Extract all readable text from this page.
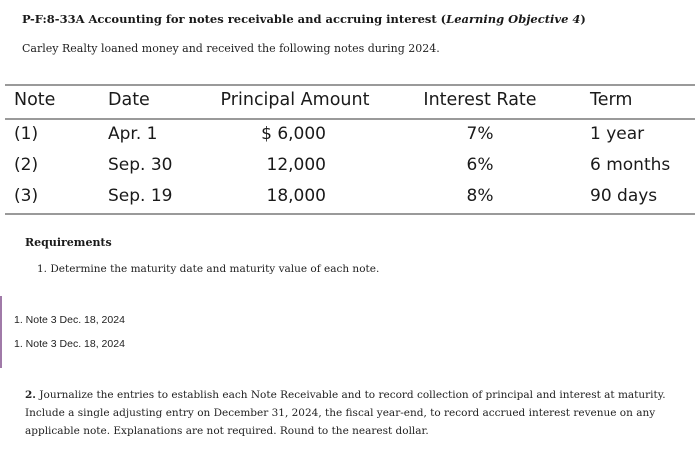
P-F:8-33A Accounting for notes receivable and accruing interest (Learning Objective 4)
Carley Realty loaned money and received the following notes during 2024.
Note	Date	Principal Amount	Interest Rate	Term
(1)	Apr. 1	$ 6,000	7%	1 year
(2)	Sep. 30	12,000	6%	6 months
(3)	Sep. 19	18,000	8%	90 days
Requirements
1. Determine the maturity date and maturity value of each note.
1. Note 3 Dec. 18, 2024
1. Note 3 Dec. 18, 2024
2. Journalize the entries to establish each Note Receivable and to record collection of principal and interest at maturity. Include a single adjusting entry on December 31, 2024, the fiscal year-end, to record accrued interest revenue on any applicable note. Explanations are not required. Round to the nearest dollar.
